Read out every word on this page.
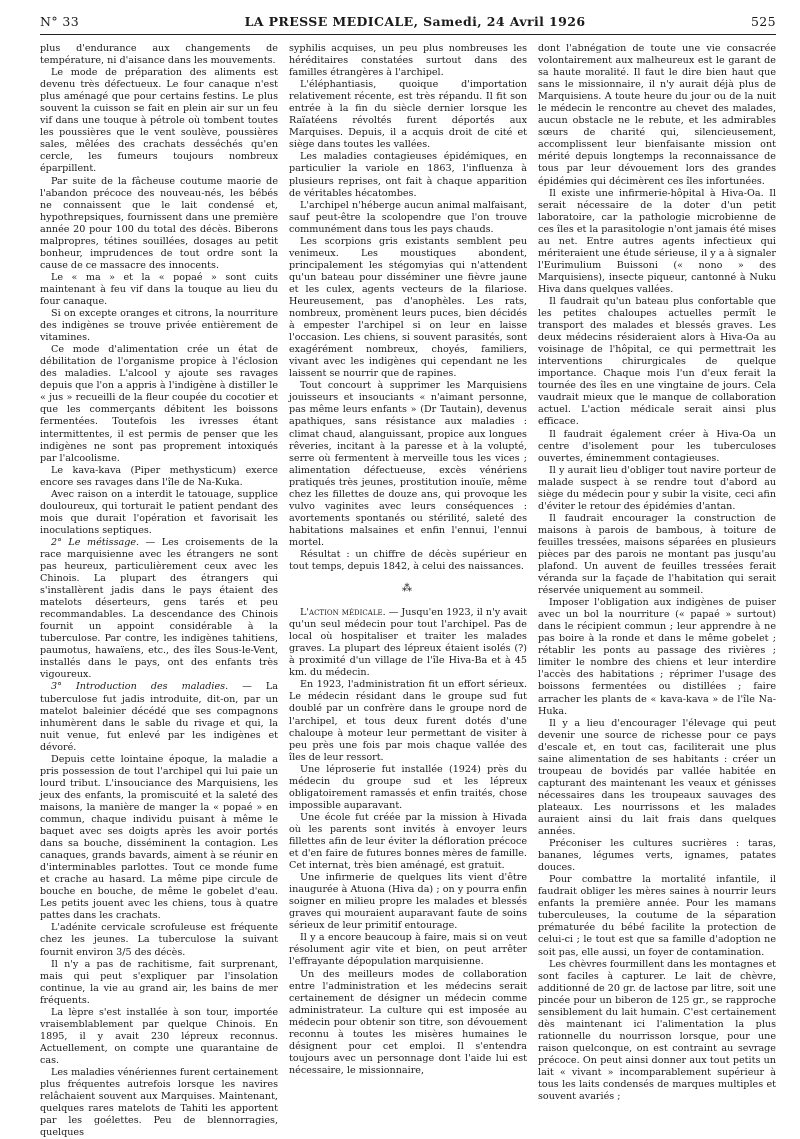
N° 33	LA PRESSE MEDICALE, Samedi, 24 Avril 1926	525

plus d'endurance aux changements de température, ni d'aisance dans les mouvements.

Le mode de préparation des aliments est devenu très défectueux. Le four canaque n'est plus aménagé que pour certains festins. Le plus souvent la cuisson se fait en plein air sur un feu vif dans une touque à pétrole où tombent toutes les poussières que le vent soulève, poussières sales, mêlées des crachats desséchés qu'en cercle, les fumeurs toujours nombreux éparpillent.

Par suite de la fâcheuse coutume maorie de l'abandon précoce des nouveau-nés, les bébés ne connaissent que le lait condensé et, hypothrepsiques, fournissent dans une première année 20 pour 100 du total des décès. Biberons malpropres, tétines souillées, dosages au petit bonheur, imprudences de tout ordre sont la cause de ce massacre des innocents.

Le « ma » et la « popaé » sont cuits maintenant à feu vif dans la touque au lieu du four canaque.

Si on excepte oranges et citrons, la nourriture des indigènes se trouve privée entièrement de vitamines.

Ce mode d'alimentation crée un état de débilitation de l'organisme propice à l'éclosion des maladies. L'alcool y ajoute ses ravages depuis que l'on a appris à l'indigène à distiller le « jus » recueilli de la fleur coupée du cocotier et que les commerçants débitent les boissons fermentées. Toutefois les ivresses étant intermittentes, il est permis de penser que les indigènes ne sont pas proprement intoxiqués par l'alcoolisme.

Le kava-kava (Piper methysticum) exerce encore ses ravages dans l'île de Na-Kuka.

Avec raison on a interdit le tatouage, supplice douloureux, qui torturait le patient pendant des mois que durait l'opération et favorisait les inoculations septiques.

2° Le métissage. — Les croisements de la race marquisienne avec les étrangers ne sont pas heureux, particulièrement ceux avec les Chinois. La plupart des étrangers qui s'installèrent jadis dans le pays étaient des matelots déserteurs, gens tarés et peu recommandables. La descendance des Chinois fournit un appoint considérable à la tuberculose. Par contre, les indigènes tahitiens, paumotus, hawaïens, etc., des îles Sous-le-Vent, installés dans le pays, ont des enfants très vigoureux.

3° Introduction des maladies. — La tuberculose fut jadis introduite, dit-on, par un matelot baleinier décédé que ses compagnons inhumèrent dans le sable du rivage et qui, la nuit venue, fut enlevé par les indigènes et dévoré.

Depuis cette lointaine époque, la maladie a pris possession de tout l'archipel qui lui paie un lourd tribut. L'insouciance des Marquisiens, les jeux des enfants, la promiscuité et la saleté des maisons, la manière de manger la « popaé » en commun, chaque individu puisant à même le baquet avec ses doigts après les avoir portés dans sa bouche, disséminent la contagion. Les canaques, grands bavards, aiment à se réunir en d'interminables parlottes. Tout ce monde fume et crache au hasard. La même pipe circule de bouche en bouche, de même le gobelet d'eau. Les petits jouent avec les chiens, tous à quatre pattes dans les crachats.

L'adénite cervicale scrofuleuse est fréquente chez les jeunes. La tuberculose la suivant fournit environ 3/5 des décès.

Il n'y a pas de rachitisme, fait surprenant, mais qui peut s'expliquer par l'insolation continue, la vie au grand air, les bains de mer fréquents.

La lèpre s'est installée à son tour, importée vraisemblablement par quelque Chinois. En 1895, il y avait 230 lépreux reconnus. Actuellement, on compte une quarantaine de cas.

Les maladies vénériennes furent certainement plus fréquentes autrefois lorsque les navires relâchaient souvent aux Marquises. Maintenant, quelques rares matelots de Tahiti les apportent par les goélettes. Peu de blennorragies, quelques

syphilis acquises, un peu plus nombreuses les héréditaires constatées surtout dans des familles étrangères à l'archipel.

L'éléphantiasis, quoique d'importation relativement récente, est très répandu. Il fit son entrée à la fin du siècle dernier lorsque les Raïatéens révoltés furent déportés aux Marquises. Depuis, il a acquis droit de cité et siège dans toutes les vallées.

Les maladies contagieuses épidémiques, en particulier la variole en 1863, l'influenza à plusieurs reprises, ont fait à chaque apparition de véritables hécatombes.

L'archipel n'héberge aucun animal malfaisant, sauf peut-être la scolopendre que l'on trouve communément dans tous les pays chauds.

Les scorpions gris existants semblent peu venimeux. Les moustiques abondent, principalement les stégomyias qui n'attendent qu'un bateau pour disséminer une fièvre jaune et les culex, agents vecteurs de la filariose. Heureusement, pas d'anophèles. Les rats, nombreux, promènent leurs puces, bien décidés à empester l'archipel si on leur en laisse l'occasion. Les chiens, si souvent parasités, sont exagérément nombreux, choyés, familiers, vivant avec les indigènes qui cependant ne les laissent se nourrir que de rapines.

Tout concourt à supprimer les Marquisiens jouisseurs et insouciants « n'aimant personne, pas même leurs enfants » (Dr Tautain), devenus apathiques, sans résistance aux maladies : climat chaud, alanguissant, propice aux longues rêveries, incitant à la paresse et à la volupté, serre où fermentent à merveille tous les vices ; alimentation défectueuse, excès vénériens pratiqués très jeunes, prostitution inouïe, même chez les fillettes de douze ans, qui provoque les vulvo vaginites avec leurs conséquences : avortements spontanés ou stérilité, saleté des habitations malsaines et enfin l'ennui, l'ennui mortel.

Résultat : un chiffre de décès supérieur en tout temps, depuis 1842, à celui des naissances.

⁂

L'action médicale. — Jusqu'en 1923, il n'y avait qu'un seul médecin pour tout l'archipel. Pas de local où hospitaliser et traiter les malades graves. La plupart des lépreux étaient isolés (?) à proximité d'un village de l'île Hiva-Ba et à 45 km. du médecin.

En 1923, l'administration fit un effort sérieux. Le médecin résidant dans le groupe sud fut doublé par un confrère dans le groupe nord de l'archipel, et tous deux furent dotés d'une chaloupe à moteur leur permettant de visiter à peu près une fois par mois chaque vallée des îles de leur ressort.

Une léproserie fut installée (1924) près du médecin du groupe sud et les lépreux obligatoirement ramassés et enfin traités, chose impossible auparavant.

Une école fut créée par la mission à Hivada où les parents sont invités à envoyer leurs fillettes afin de leur éviter la défloration précoce et d'en faire de futures bonnes mères de famille. Cet internat, très bien aménagé, est gratuit.

Une infirmerie de quelques lits vient d'être inaugurée à Atuona (Hiva da) ; on y pourra enfin soigner en milieu propre les malades et blessés graves qui mouraient auparavant faute de soins sérieux de leur primitif entourage.

Il y a encore beaucoup à faire, mais si on veut résolument agir vite et bien, on peut arrêter l'effrayante dépopulation marquisienne.

Un des meilleurs modes de collaboration entre l'administration et les médecins serait certainement de désigner un médecin comme administrateur. La culture qui est imposée au médecin pour obtenir son titre, son dévouement reconnu à toutes les misères humaines le désignent pour cet emploi. Il s'entendra toujours avec un personnage dont l'aide lui est nécessaire, le missionnaire,

dont l'abnégation de toute une vie consacrée volontairement aux malheureux est le garant de sa haute moralité. Il faut le dire bien haut que sans le missionnaire, il n'y aurait déjà plus de Marquisiens. A toute heure du jour ou de la nuit le médecin le rencontre au chevet des malades, aucun obstacle ne le rebute, et les admirables sœurs de charité qui, silencieusement, accomplissent leur bienfaisante mission ont mérité depuis longtemps la reconnaissance de tous par leur dévouement lors des grandes épidémies qui décimèrent ces îles infortunées.

Il existe une infirmerie-hôpital à Hiva-Oa. Il serait nécessaire de la doter d'un petit laboratoire, car la pathologie microbienne de ces îles et la parasitologie n'ont jamais été mises au net. Entre autres agents infectieux qui mériteraient une étude sérieuse, il y a à signaler l'Eurimulium Buissoni (« nono » des Marquisiens), insecte piqueur, cantonné à Nuku Hiva dans quelques vallées.

Il faudrait qu'un bateau plus confortable que les petites chaloupes actuelles permît le transport des malades et blessés graves. Les deux médecins résideraient alors à Hiva-Oa au voisinage de l'hôpital, ce qui permettrait les interventions chirurgicales de quelque importance. Chaque mois l'un d'eux ferait la tournée des îles en une vingtaine de jours. Cela vaudrait mieux que le manque de collaboration actuel. L'action médicale serait ainsi plus efficace.

Il faudrait également créer à Hiva-Oa un centre d'isolement pour les tuberculoses ouvertes, éminemment contagieuses.

Il y aurait lieu d'obliger tout navire porteur de malade suspect à se rendre tout d'abord au siège du médecin pour y subir la visite, ceci afin d'éviter le retour des épidémies d'antan.

Il faudrait encourager la construction de maisons à parois de bambous, à toiture de feuilles tressées, maisons séparées en plusieurs pièces par des parois ne montant pas jusqu'au plafond. Un auvent de feuilles tressées ferait véranda sur la façade de l'habitation qui serait réservée uniquement au sommeil.

Imposer l'obligation aux indigènes de puiser avec un bol la nourriture (« papaé » surtout) dans le récipient commun ; leur apprendre à ne pas boire à la ronde et dans le même gobelet ; rétablir les ponts au passage des rivières ; limiter le nombre des chiens et leur interdire l'accès des habitations ; réprimer l'usage des boissons fermentées ou distillées ; faire arracher les plants de « kava-kava » de l'île Na-Huka.

Il y a lieu d'encourager l'élevage qui peut devenir une source de richesse pour ce pays d'escale et, en tout cas, faciliterait une plus saine alimentation de ses habitants : créer un troupeau de bovidés par vallée habitée en capturant des maintenant les veaux et génisses nécessaires dans les troupeaux sauvages des plateaux. Les nourrissons et les malades auraient ainsi du lait frais dans quelques années.

Préconiser les cultures sucrières : taras, bananes, légumes verts, ignames, patates douces.

Pour combattre la mortalité infantile, il faudrait obliger les mères saines à nourrir leurs enfants la première année. Pour les mamans tuberculeuses, la coutume de la séparation prématurée du bébé facilite la protection de celui-ci ; le tout est que sa famille d'adoption ne soit pas, elle aussi, un foyer de contamination.

Les chèvres fourmillent dans les montagnes et sont faciles à capturer. Le lait de chèvre, additionné de 20 gr. de lactose par litre, soit une pincée pour un biberon de 125 gr., se rapproche sensiblement du lait humain. C'est certainement dès maintenant ici l'alimentation la plus rationnelle du nourrisson lorsque, pour une raison quelconque, on est contraint au sevrage précoce. On peut ainsi donner aux tout petits un lait « vivant » incomparablement supérieur à tous les laits condensés de marques multiples et souvent avariés ;
